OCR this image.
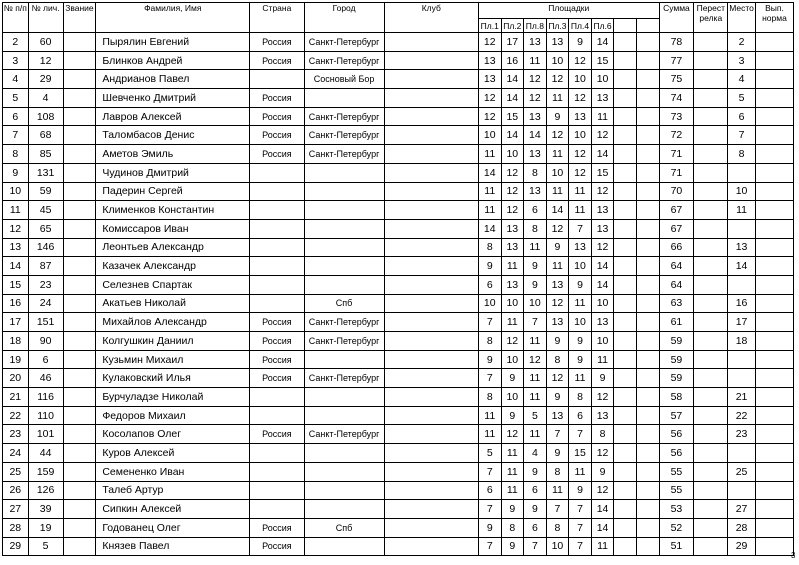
№ п/п	№ лич.	Звание	Фамилия, Имя	Страна	Город	Клуб	Площадки								Сумма	Перест релка	Место	Вып. норма
							Пл.1	Пл.2	Пл.8	Пл.3	Пл.4	Пл.6						
2	60		Пырялин Евгений	Россия	Санкт-Петербург		12	17	13	13	9	14			78		2	
3	12		Блинков Андрей	Россия	Санкт-Петербург		13	16	11	10	12	15			77		3	
4	29		Андрианов Павел		Сосновый Бор		13	14	12	12	10	10			75		4	
5	4		Шевченко Дмитрий	Россия			12	14	12	11	12	13			74		5	
6	108		Лавров Алексей	Россия	Санкт-Петербург		12	15	13	9	13	11			73		6	
7	68		Таломбасов Денис	Россия	Санкт-Петербург		10	14	14	12	10	12			72		7	
8	85		Аметов Эмиль	Россия	Санкт-Петербург		11	10	13	11	12	14			71		8	
9	131		Чудинов Дмитрий				14	12	8	10	12	15			71			
10	59		Падерин Сергей				11	12	13	11	11	12			70		10	
11	45		Клименков Константин				11	12	6	14	11	13			67		11	
12	65		Комиссаров Иван				14	13	8	12	7	13			67			
13	146		Леонтьев Александр				8	13	11	9	13	12			66		13	
14	87		Казачек Александр				9	11	9	11	10	14			64		14	
15	23		Селезнев Спартак				6	13	9	13	9	14			64			
16	24		Акатьев Николай		Спб		10	10	10	12	11	10			63		16	
17	151		Михайлов Александр	Россия	Санкт-Петербург		7	11	7	13	10	13			61		17	
18	90		Колгушкин Даниил	Россия	Санкт-Петербург		8	12	11	9	9	10			59		18	
19	6		Кузьмин Михаил	Россия			9	10	12	8	9	11			59			
20	46		Кулаковский Илья	Россия	Санкт-Петербург		7	9	11	12	11	9			59			
21	116		Бурчуладзе Николай				8	10	11	9	8	12			58		21	
22	110		Федоров Михаил				11	9	5	13	6	13			57		22	
23	101		Косолапов Олег	Россия	Санкт-Петербург		11	12	11	7	7	8			56		23	
24	44		Куров Алексей				5	11	4	9	15	12			56			
25	159		Семененко Иван				7	11	9	8	11	9			55		25	
26	126		Талеб Артур				6	11	6	11	9	12			55			
27	39		Сипкин Алексей				7	9	9	7	7	14			53		27	
28	19		Годованец Олег	Россия	Спб		9	8	6	8	7	14			52		28	
29	5		Князев Павел	Россия			7	9	7	10	7	11			51		29	
3
